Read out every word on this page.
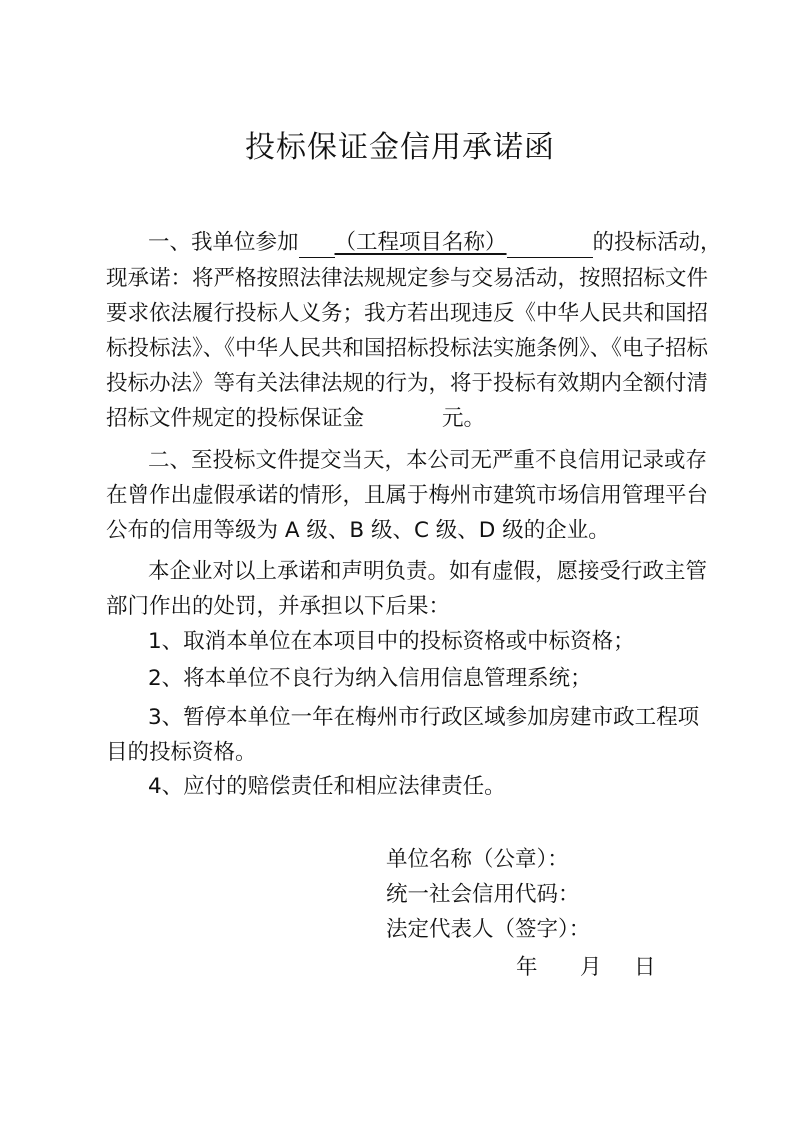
投标保证金信用承诺函
一、我单位参加 （工程项目名称）	的投标活动，
现承诺：将严格按照法律法规规定参与交易活动，按照招标文件
要求依法履行投标人义务；我方若出现违反《中华人民共和国招
标投标法》、《中华人民共和国招标投标法实施条例》、《电子招标
投标办法》等有关法律法规的行为，将于投标有效期内全额付清
招标文件规定的投标保证金	元。
二、至投标文件提交当天，本公司无严重不良信用记录或存
在曾作出虚假承诺的情形，且属于梅州市建筑市场信用管理平台
公布的信用等级为 A 级、B 级、C 级、D 级的企业。
本企业对以上承诺和声明负责。如有虚假，愿接受行政主管
部门作出的处罚，并承担以下后果：
1、取消本单位在本项目中的投标资格或中标资格；
2、将本单位不良行为纳入信用信息管理系统；
3、暂停本单位一年在梅州市行政区域参加房建市政工程项
目的投标资格。
4、应付的赔偿责任和相应法律责任。
单位名称（公章）：
统一社会信用代码：
法定代表人（签字）：
年 月 日
